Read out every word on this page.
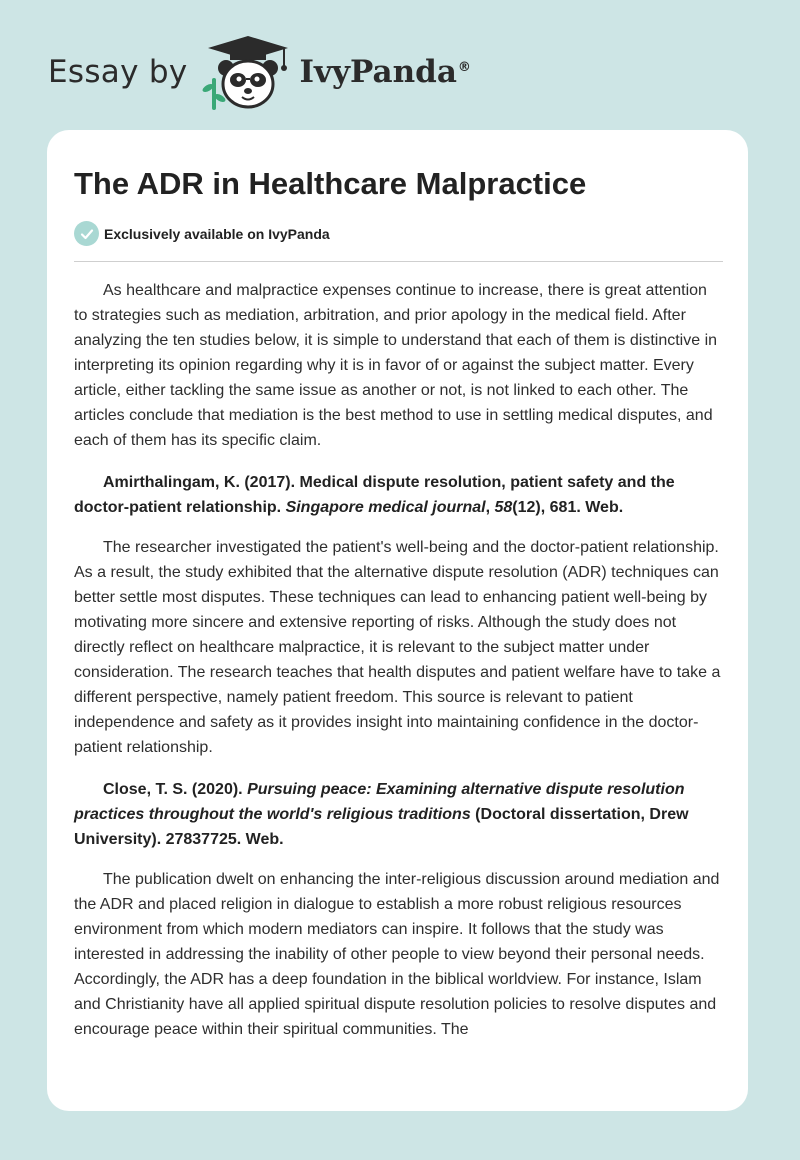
Essay by	IvyPanda®
The ADR in Healthcare Malpractice
Exclusively available on IvyPanda

As healthcare and malpractice expenses continue to increase, there is great attention to strategies such as mediation, arbitration, and prior apology in the medical field. After analyzing the ten studies below, it is simple to understand that each of them is distinctive in interpreting its opinion regarding why it is in favor of or against the subject matter. Every article, either tackling the same issue as another or not, is not linked to each other. The articles conclude that mediation is the best method to use in settling medical disputes, and each of them has its specific claim.

Amirthalingam, K. (2017). Medical dispute resolution, patient safety and the doctor-patient relationship. Singapore medical journal, 58(12), 681. Web.

The researcher investigated the patient's well-being and the doctor-patient relationship. As a result, the study exhibited that the alternative dispute resolution (ADR) techniques can better settle most disputes. These techniques can lead to enhancing patient well-being by motivating more sincere and extensive reporting of risks. Although the study does not directly reflect on healthcare malpractice, it is relevant to the subject matter under consideration. The research teaches that health disputes and patient welfare have to take a different perspective, namely patient freedom. This source is relevant to patient independence and safety as it provides insight into maintaining confidence in the doctor-patient relationship.

Close, T. S. (2020). Pursuing peace: Examining alternative dispute resolution practices throughout the world's religious traditions (Doctoral dissertation, Drew University). 27837725. Web.

The publication dwelt on enhancing the inter-religious discussion around mediation and the ADR and placed religion in dialogue to establish a more robust religious resources environment from which modern mediators can inspire. It follows that the study was interested in addressing the inability of other people to view beyond their personal needs. Accordingly, the ADR has a deep foundation in the biblical worldview. For instance, Islam and Christianity have all applied spiritual dispute resolution policies to resolve disputes and encourage peace within their spiritual communities. The
